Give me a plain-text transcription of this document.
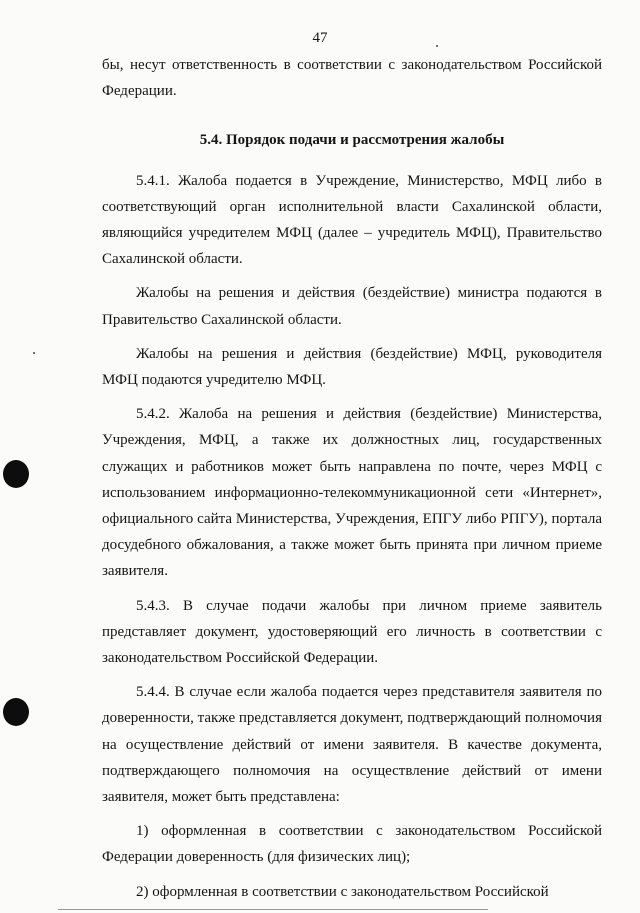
47

бы, несут ответственность в соответствии с законодательством Российской Федерации.

5.4. Порядок подачи и рассмотрения жалобы

5.4.1. Жалоба подается в Учреждение, Министерство, МФЦ либо в соответствующий орган исполнительной власти Сахалинской области, являющийся учредителем МФЦ (далее – учредитель МФЦ), Правительство Сахалинской области.

Жалобы на решения и действия (бездействие) министра подаются в Правительство Сахалинской области.

Жалобы на решения и действия (бездействие) МФЦ, руководителя МФЦ подаются учредителю МФЦ.

5.4.2. Жалоба на решения и действия (бездействие) Министерства, Учреждения, МФЦ, а также их должностных лиц, государственных служащих и работников может быть направлена по почте, через МФЦ с использованием информационно-телекоммуникационной сети «Интернет», официального сайта Министерства, Учреждения, ЕПГУ либо РПГУ), портала досудебного обжалования, а также может быть принята при личном приеме заявителя.

5.4.3. В случае подачи жалобы при личном приеме заявитель представляет документ, удостоверяющий его личность в соответствии с законодательством Российской Федерации.

5.4.4. В случае если жалоба подается через представителя заявителя по доверенности, также представляется документ, подтверждающий полномочия на осуществление действий от имени заявителя. В качестве документа, подтверждающего полномочия на осуществление действий от имени заявителя, может быть представлена:

1) оформленная в соответствии с законодательством Российской Федерации доверенность (для физических лиц);

2) оформленная в соответствии с законодательством Российской
